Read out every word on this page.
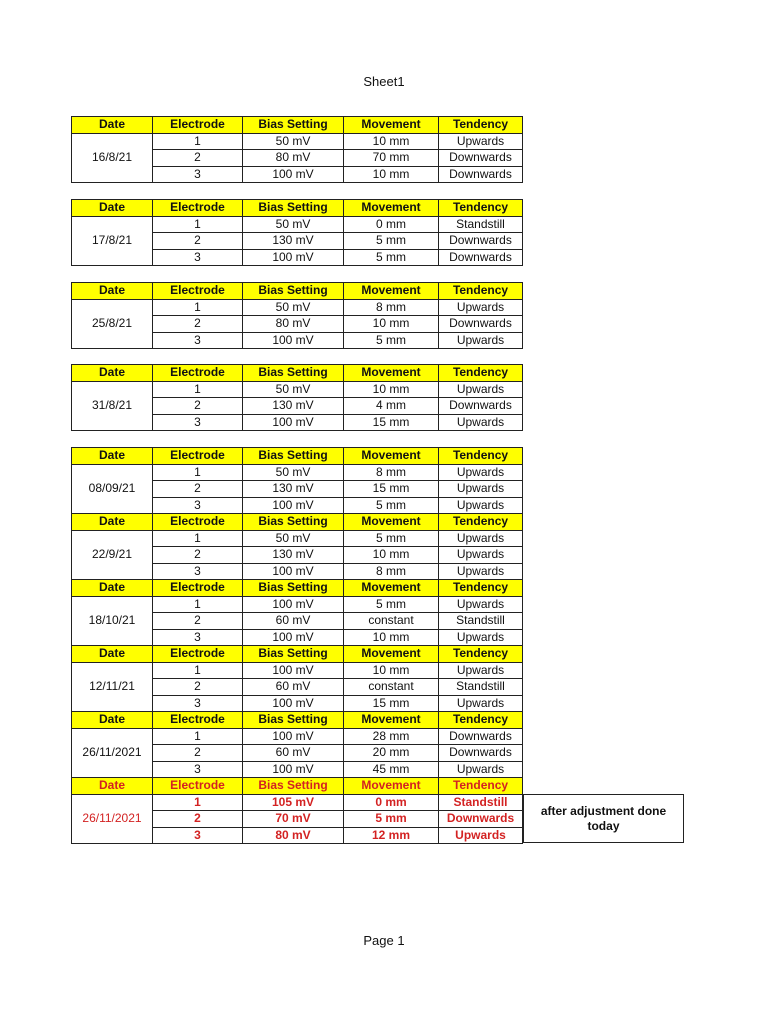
Sheet1
Date	Electrode	Bias Setting	Movement	Tendency
16/8/21	1	50 mV	10 mm	Upwards
	2	80 mV	70 mm	Downwards
	3	100 mV	10 mm	Downwards
Date	Electrode	Bias Setting	Movement	Tendency
17/8/21	1	50 mV	0 mm	Standstill
	2	130 mV	5 mm	Downwards
	3	100 mV	5 mm	Downwards
Date	Electrode	Bias Setting	Movement	Tendency
25/8/21	1	50 mV	8 mm	Upwards
	2	80 mV	10 mm	Downwards
	3	100 mV	5 mm	Upwards
Date	Electrode	Bias Setting	Movement	Tendency
31/8/21	1	50 mV	10 mm	Upwards
	2	130 mV	4 mm	Downwards
	3	100 mV	15 mm	Upwards
Date	Electrode	Bias Setting	Movement	Tendency
08/09/21	1	50 mV	8 mm	Upwards
	2	130 mV	15 mm	Upwards
	3	100 mV	5 mm	Upwards
Date	Electrode	Bias Setting	Movement	Tendency
22/9/21	1	50 mV	5 mm	Upwards
	2	130 mV	10 mm	Upwards
	3	100 mV	8 mm	Upwards
Date	Electrode	Bias Setting	Movement	Tendency
18/10/21	1	100 mV	5 mm	Upwards
	2	60 mV	constant	Standstill
	3	100 mV	10 mm	Upwards
Date	Electrode	Bias Setting	Movement	Tendency
12/11/21	1	100 mV	10 mm	Upwards
	2	60 mV	constant	Standstill
	3	100 mV	15 mm	Upwards
Date	Electrode	Bias Setting	Movement	Tendency
26/11/2021	1	100 mV	28 mm	Downwards
	2	60 mV	20 mm	Downwards
	3	100 mV	45 mm	Upwards
Date	Electrode	Bias Setting	Movement	Tendency
26/11/2021	1	105 mV	0 mm	Standstill
	2	70 mV	5 mm	Downwards
	3	80 mV	12 mm	Upwards
after adjustment done today
Page 1
